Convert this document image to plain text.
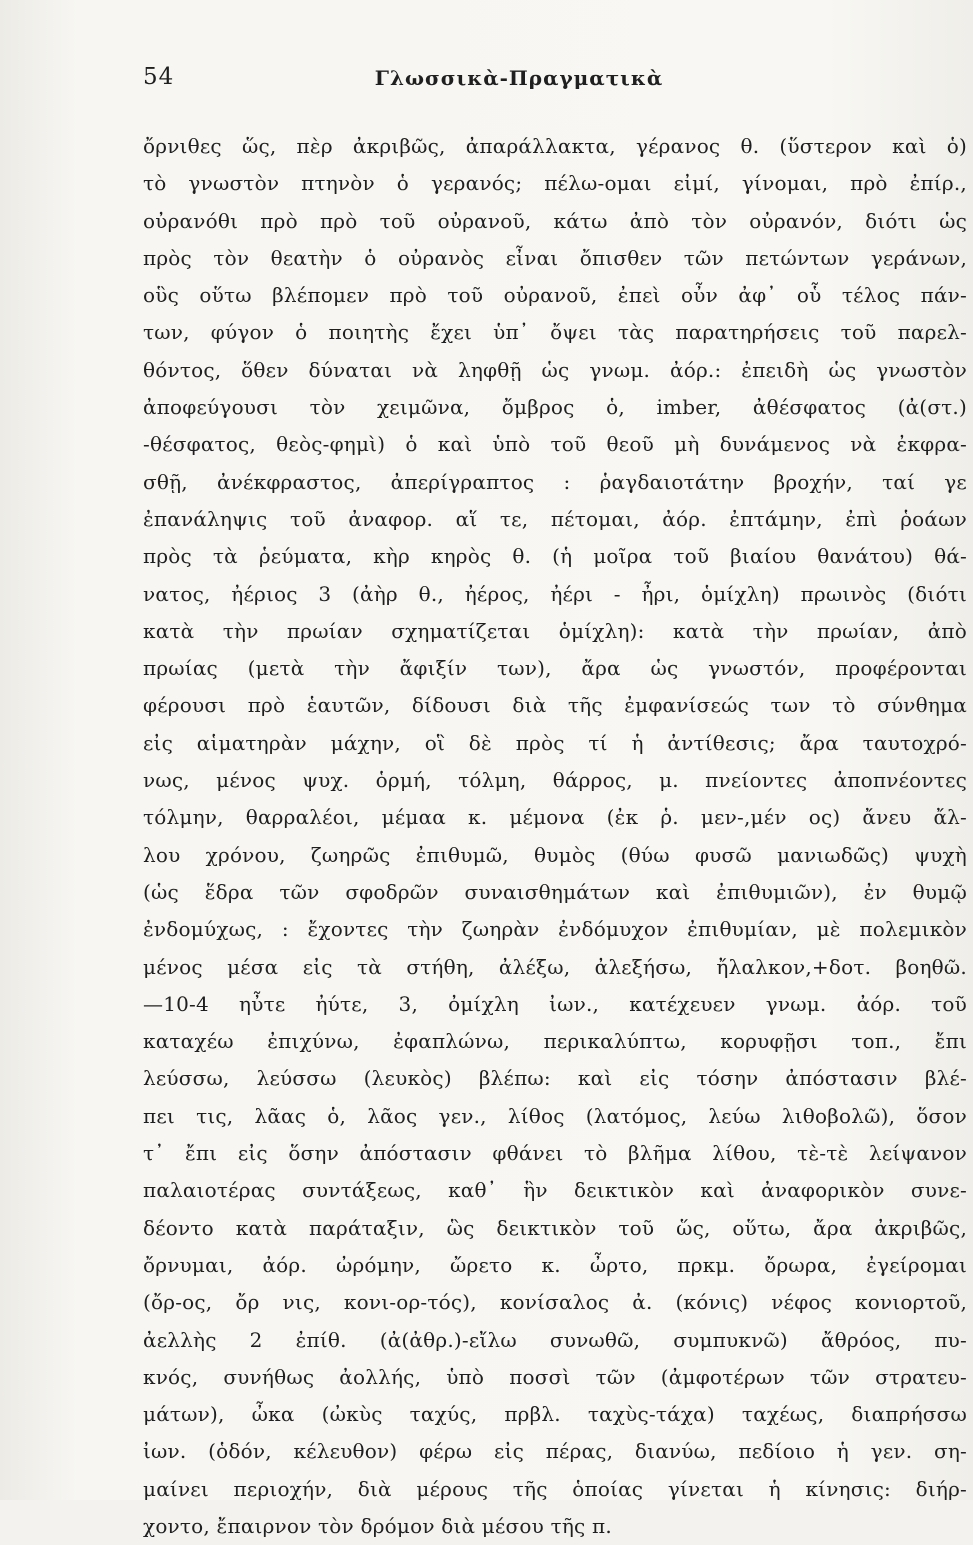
54	Γλωσσικὰ-Πραγματικὰ
ὄρνιθες ὥς, πὲρ ἀκριβῶς, ἀπαράλλακτα, γέρανος θ. (ὕστερον καὶ ὁ)
τὸ γνωστὸν πτηνὸν ὁ γερανός; πέλω-ομαι εἰμί, γίνομαι, πρὸ ἐπίρ.,
οὐρανόθι πρὸ πρὸ τοῦ οὐρανοῦ, κάτω ἀπὸ τὸν οὐρανόν, διότι ὡς
πρὸς τὸν θεατὴν ὁ οὐρανὸς εἶναι ὄπισθεν τῶν πετώντων γεράνων,
οὓς οὕτω βλέπομεν πρὸ τοῦ οὐρανοῦ, ἐπεὶ οὖν ἀφ᾽ οὗ τέλος πάν-
των, φύγον ὁ ποιητὴς ἔχει ὑπ᾽ ὄψει τὰς παρατηρήσεις τοῦ παρελ-
θόντος, ὅθεν δύναται νὰ ληφθῇ ὡς γνωμ. ἀόρ.: ἐπειδὴ ὡς γνωστὸν
ἀποφεύγουσι τὸν χειμῶνα, ὄμβρος ὁ, imber, ἀθέσφατος (ἀ(στ.)
-θέσφατος, θεὸς-φημὶ) ὁ καὶ ὑπὸ τοῦ θεοῦ μὴ δυνάμενος νὰ ἐκφρα-
σθῇ, ἀνέκφραστος, ἀπερίγραπτος : ῥαγδαιοτάτην βροχήν, ταί γε
ἐπανάληψις τοῦ ἀναφορ. αἵ τε, πέτομαι, ἀόρ. ἐπτάμην, ἐπὶ ῥοάων
πρὸς τὰ ῥεύματα, κὴρ κηρὸς θ. (ἡ μοῖρα τοῦ βιαίου θανάτου) θά-
νατος, ἠέριος 3 (ἀὴρ θ., ἠέρος, ἠέρι - ἦρι, ὁμίχλη) πρωινὸς (διότι
κατὰ τὴν πρωίαν σχηματίζεται ὁμίχλη): κατὰ τὴν πρωίαν, ἀπὸ
πρωίας (μετὰ τὴν ἄφιξίν των), ἄρα ὡς γνωστόν, προφέρονται
φέρουσι πρὸ ἑαυτῶν, δίδουσι διὰ τῆς ἐμφανίσεώς των τὸ σύνθημα
εἰς αἱματηρὰν μάχην, οἳ δὲ πρὸς τί ἡ ἀντίθεσις; ἄρα ταυτοχρό-
νως, μένος ψυχ. ὁρμή, τόλμη, θάρρος, μ. πνείοντες ἀποπνέοντες
τόλμην, θαρραλέοι, μέμαα κ. μέμονα (ἐκ ῥ. μεν-,μέν ος) ἄνευ ἄλ-
λου χρόνου, ζωηρῶς ἐπιθυμῶ, θυμὸς (θύω φυσῶ μανιωδῶς) ψυχὴ
(ὡς ἕδρα τῶν σφοδρῶν συναισθημάτων καὶ ἐπιθυμιῶν), ἐν θυμῷ
ἐνδομύχως, : ἔχοντες τὴν ζωηρὰν ἐνδόμυχον ἐπιθυμίαν, μὲ πολεμικὸν
μένος μέσα εἰς τὰ στήθη, ἀλέξω, ἀλεξήσω, ἤλαλκον,+δοτ. βοηθῶ.
—10-4 ηὖτε ἠύτε, 3, ὀμίχλη ἰων., κατέχευεν γνωμ. ἀόρ. τοῦ
καταχέω ἐπιχύνω, ἐφαπλώνω, περικαλύπτω, κορυφῇσι τοπ., ἔπι
λεύσσω, λεύσσω (λευκὸς) βλέπω: καὶ εἰς τόσην ἀπόστασιν βλέ-
πει τις, λᾶας ὁ, λᾶος γεν., λίθος (λατόμος, λεύω λιθοβολῶ), ὅσον
τ᾽ ἔπι εἰς ὅσην ἀπόστασιν φθάνει τὸ βλῆμα λίθου, τὲ-τὲ λείψανον
παλαιοτέρας συντάξεως, καθ᾽ ἣν δεικτικὸν καὶ ἀναφορικὸν συνε-
δέοντο κατὰ παράταξιν, ὣς δεικτικὸν τοῦ ὥς, οὕτω, ἄρα ἀκριβῶς,
ὄρνυμαι, ἀόρ. ὠρόμην, ὤρετο κ. ὦρτο, πρκμ. ὄρωρα, ἐγείρομαι
(ὄρ-ος, ὄρ νις, κονι-ορ-τός), κονίσαλος ἀ. (κόνις) νέφος κονιορτοῦ,
ἀελλὴς 2 ἐπίθ. (ἀ(ἀθρ.)-εἴλω συνωθῶ, συμπυκνῶ) ἄθρόος, πυ-
κνός, συνήθως ἀολλής, ὑπὸ ποσσὶ τῶν (ἀμφοτέρων τῶν στρατευ-
μάτων), ὦκα (ὠκὺς ταχύς, πρβλ. ταχὺς-τάχα) ταχέως, διαπρήσσω
ἰων. (ὁδόν, κέλευθον) φέρω εἰς πέρας, διανύω, πεδίοιο ἡ γεν. ση-
μαίνει περιοχήν, διὰ μέρους τῆς ὁποίας γίνεται ἡ κίνησις: διήρ-
χοντο, ἔπαιρνον τὸν δρόμον διὰ μέσου τῆς π.
